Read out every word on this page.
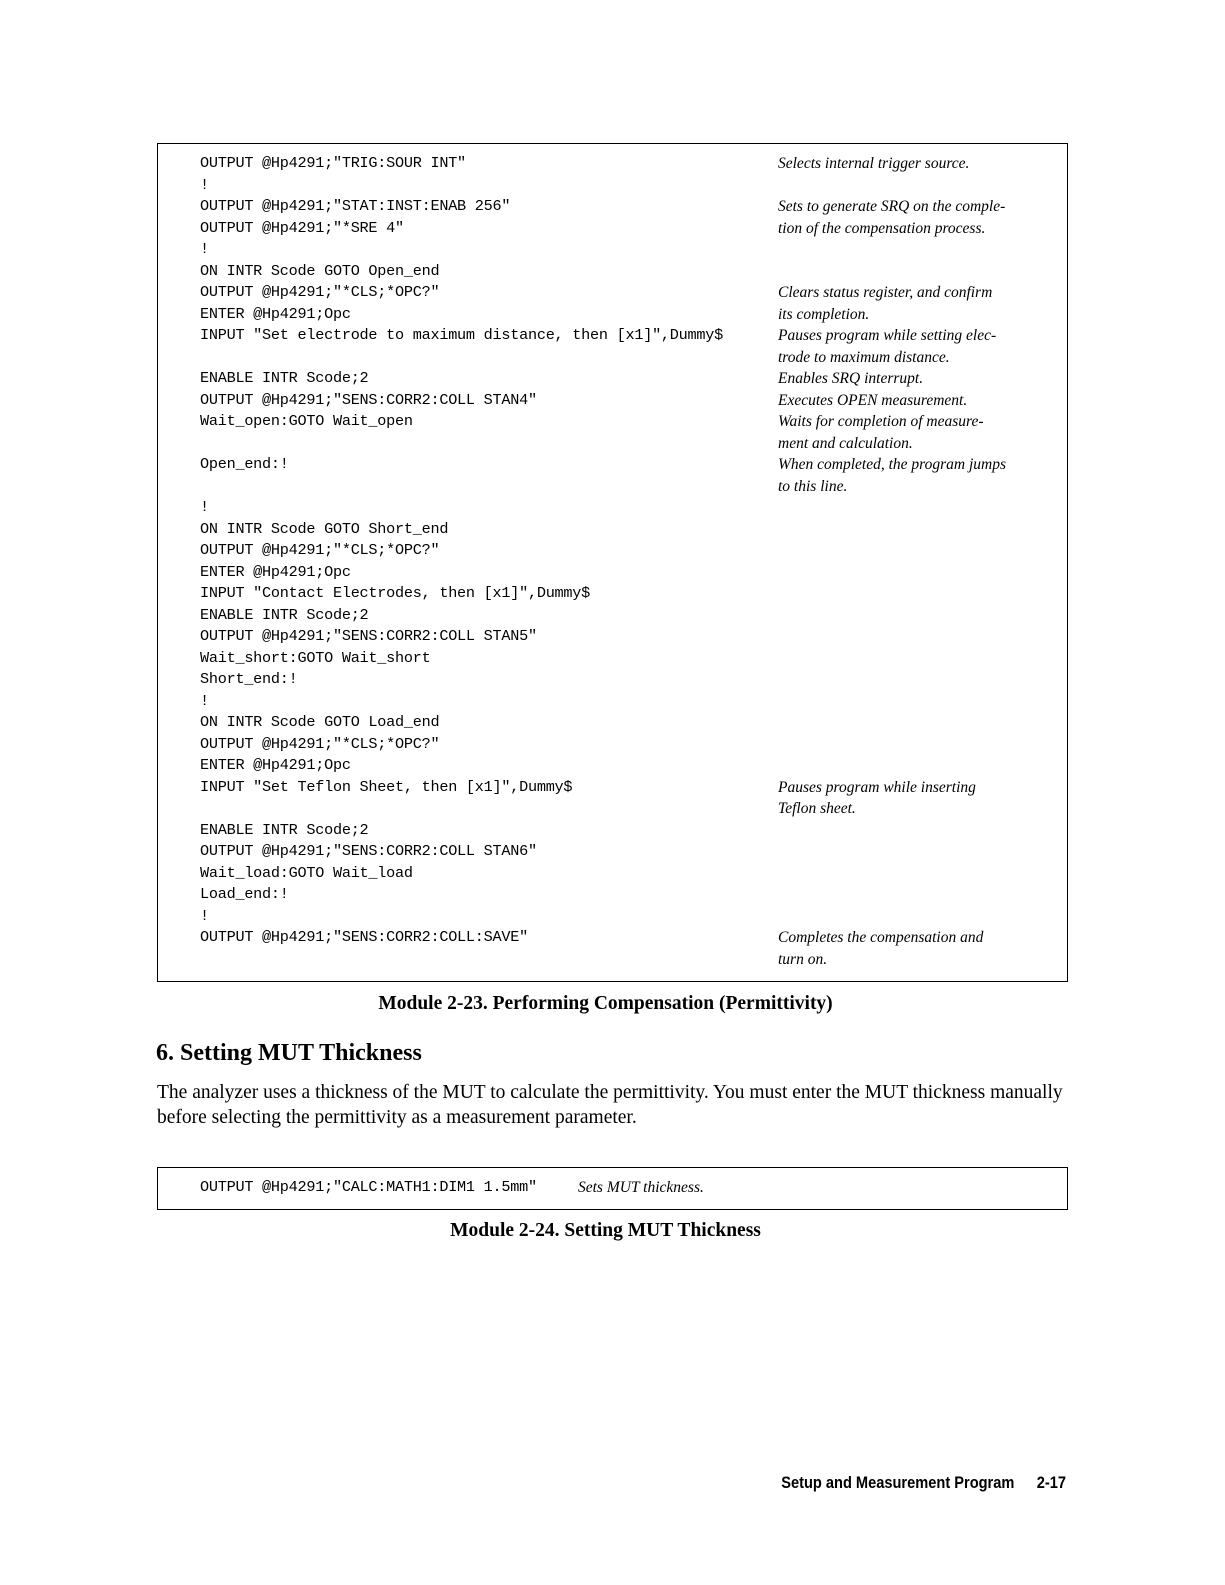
OUTPUT @Hp4291;"TRIG:SOUR INT"	Selects internal trigger source.
!
OUTPUT @Hp4291;"STAT:INST:ENAB 256"	Sets to generate SRQ on the comple-
OUTPUT @Hp4291;"*SRE 4"	tion of the compensation process.
!
ON INTR Scode GOTO Open_end
OUTPUT @Hp4291;"*CLS;*OPC?"	Clears status register, and confirm
ENTER @Hp4291;Opc	its completion.
INPUT "Set electrode to maximum distance, then [x1]",Dummy$	Pauses program while setting elec-
trode to maximum distance.
ENABLE INTR Scode;2	Enables SRQ interrupt.
OUTPUT @Hp4291;"SENS:CORR2:COLL STAN4"	Executes OPEN measurement.
Wait_open:GOTO Wait_open	Waits for completion of measure-
ment and calculation.
Open_end:!	When completed, the program jumps
to this line.
!
ON INTR Scode GOTO Short_end
OUTPUT @Hp4291;"*CLS;*OPC?"
ENTER @Hp4291;Opc
INPUT "Contact Electrodes, then [x1]",Dummy$
ENABLE INTR Scode;2
OUTPUT @Hp4291;"SENS:CORR2:COLL STAN5"
Wait_short:GOTO Wait_short
Short_end:!
!
ON INTR Scode GOTO Load_end
OUTPUT @Hp4291;"*CLS;*OPC?"
ENTER @Hp4291;Opc
INPUT "Set Teflon Sheet, then [x1]",Dummy$	Pauses program while inserting
Teflon sheet.
ENABLE INTR Scode;2
OUTPUT @Hp4291;"SENS:CORR2:COLL STAN6"
Wait_load:GOTO Wait_load
Load_end:!
!
OUTPUT @Hp4291;"SENS:CORR2:COLL:SAVE"	Completes the compensation and
turn on.
Module 2-23. Performing Compensation (Permittivity)
6. Setting MUT Thickness

The analyzer uses a thickness of the MUT to calculate the permittivity. You must enter the MUT thickness manually before selecting the permittivity as a measurement parameter.

OUTPUT @Hp4291;"CALC:MATH1:DIM1 1.5mm"	Sets MUT thickness.
Module 2-24. Setting MUT Thickness
Setup and Measurement Program 2-17
